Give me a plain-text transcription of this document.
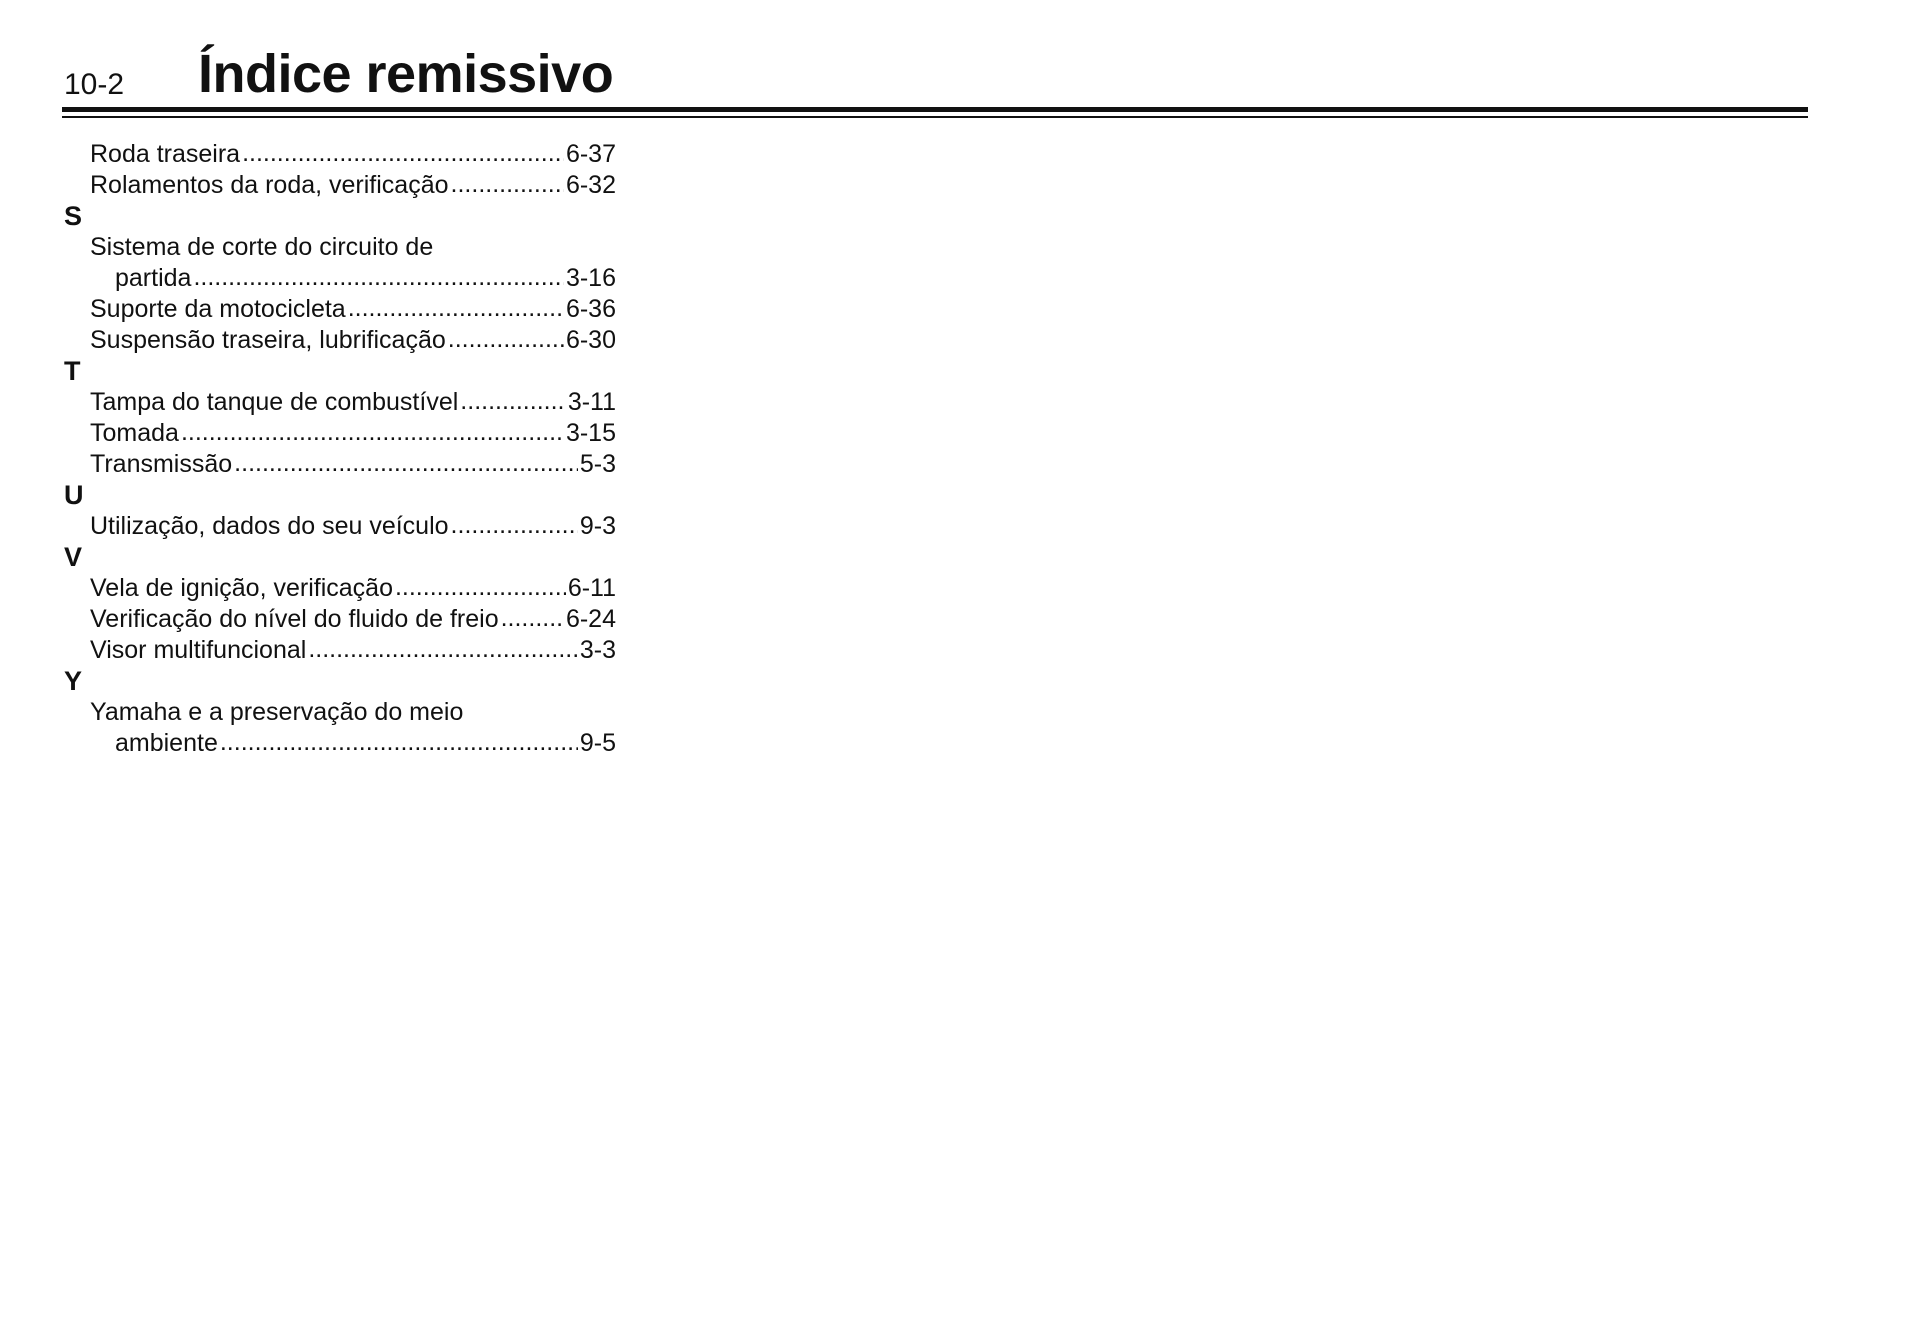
10-2 Índice remissivo
Roda traseira .....	6-37
Rolamentos da roda, verificação .....	6-32
S
Sistema de corte do circuito de
partida .....	3-16
Suporte da motocicleta .....	6-36
Suspensão traseira, lubrificação .....	6-30
T
Tampa do tanque de combustível .....	3-11
Tomada .....	3-15
Transmissão .....	5-3
U
Utilização, dados do seu veículo .....	9-3
V
Vela de ignição, verificação .....	6-11
Verificação do nível do fluido de freio .....	6-24
Visor multifuncional .....	3-3
Y
Yamaha e a preservação do meio
ambiente .....	9-5
